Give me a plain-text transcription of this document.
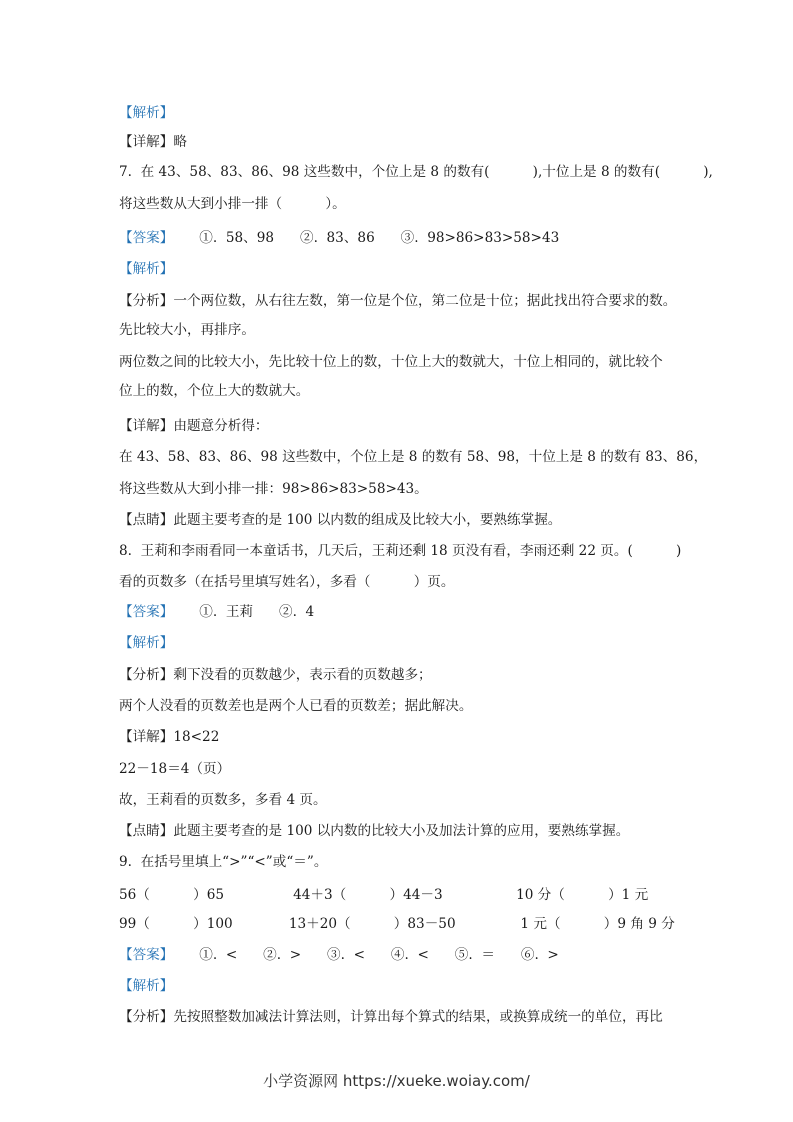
【解析】
【详解】略
7.  在 43、58、83、86、98 这些数中，个位上是 8 的数有(          ),十位上是 8 的数有(          ),
将这些数从大到小排一排（          ）。
【答案】      ①.  58、98      ②.  83、86      ③.  98>86>83>58>43
【解析】
【分析】一个两位数，从右往左数，第一位是个位，第二位是十位；据此找出符合要求的数。
先比较大小，再排序。
两位数之间的比较大小，先比较十位上的数，十位上大的数就大，十位上相同的，就比较个
位上的数，个位上大的数就大。
【详解】由题意分析得：
在 43、58、83、86、98 这些数中，个位上是 8 的数有 58、98，十位上是 8 的数有 83、86，
将这些数从大到小排一排：98>86>83>58>43。
【点睛】此题主要考查的是 100 以内数的组成及比较大小，要熟练掌握。
8.  王莉和李雨看同一本童话书，几天后，王莉还剩 18 页没有看，李雨还剩 22 页。(          )
看的页数多（在括号里填写姓名），多看（          ）页。
【答案】      ①.  王莉      ②.  4
【解析】
【分析】剩下没看的页数越少，表示看的页数越多；
两个人没看的页数差也是两个人已看的页数差；据此解决。
【详解】18<22
22－18＝4（页）
故，王莉看的页数多，多看 4 页。
【点睛】此题主要考查的是 100 以内数的比较大小及加法计算的应用，要熟练掌握。
9.  在括号里填上“>”“<”或“＝”。
56（          ）65                44＋3（          ）44－3                 10 分（          ）1 元
99（          ）100             13＋20（          ）83－50               1 元（          ）9 角 9 分
【答案】      ①.  <      ②.  >      ③.  <      ④.  <      ⑤.  ＝      ⑥.  >
【解析】
【分析】先按照整数加减法计算法则，计算出每个算式的结果，或换算成统一的单位，再比
小学资源网 https://xueke.woiay.com/
